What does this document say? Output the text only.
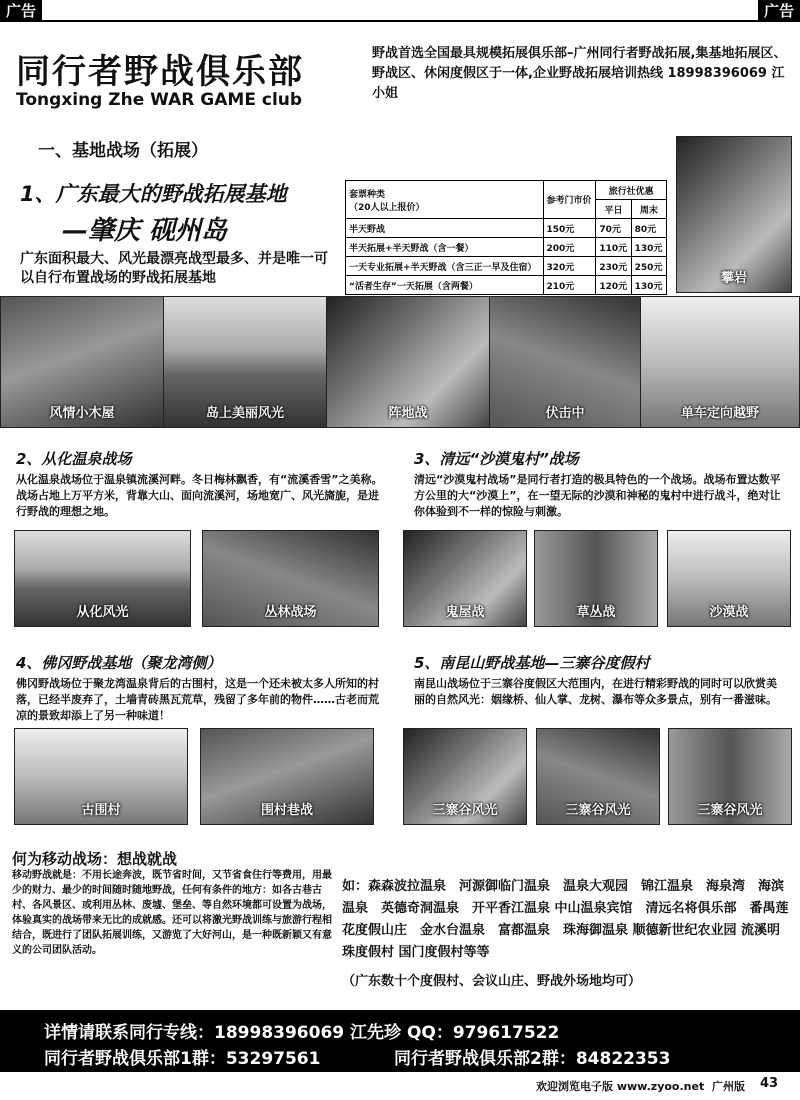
广告	广告
同行者野战俱乐部
Tongxing Zhe WAR GAME club
野战首选全国最具规模拓展俱乐部–广州同行者野战拓展,集基地拓展区、野战区、休闲度假区于一体,企业野战拓展培训热线 18998396069 江小姐
一、基地战场（拓展）
1、广东最大的野战拓展基地
—肇庆 砚州岛
广东面积最大、风光最漂亮战型最多、并是唯一可以自行布置战场的野战拓展基地
套票种类
（20人以上报价）	参考门市价	旅行社优惠	
		平日	周末
半天野战	150元	70元	80元
半天拓展+半天野战（含一餐）	200元	110元	130元
一天专业拓展+半天野战（含三正一早及住宿）	320元	230元	250元
“活者生存”一天拓展（含两餐）	210元	120元	130元
攀岩
风情小木屋	岛上美丽风光	阵地战	伏击中	单车定向越野
2、从化温泉战场
从化温泉战场位于温泉镇流溪河畔。冬日梅林飘香，有“流溪香雪”之美称。战场占地上万平方米，背靠大山、面向流溪河，场地宽广、风光旖旎，是进行野战的理想之地。
从化风光	丛林战场
3、清远“沙漠鬼村”战场
清远“沙漠鬼村战场”是同行者打造的极具特色的一个战场。战场布置达数平方公里的大“沙漠上”，在一望无际的沙漠和神秘的鬼村中进行战斗，绝对让你体验到不一样的惊险与刺激。
鬼屋战	草丛战	沙漠战
4、佛冈野战基地（聚龙湾侧）
佛冈野战场位于聚龙湾温泉背后的古围村，这是一个还未被太多人所知的村落，已经半废弃了，土墙青砖黑瓦荒草，残留了多年前的物件……古老而荒凉的景致却添上了另一种味道！
古围村	围村巷战
5、南昆山野战基地—三寨谷度假村
南昆山战场位于三寨谷度假区大范围内，在进行精彩野战的同时可以欣赏美丽的自然风光：姻缘桥、仙人掌、龙树、瀑布等众多景点，别有一番滋味。
三寨谷风光	三寨谷风光	三寨谷风光
何为移动战场：想战就战
移动野战就是：不用长途奔波，既节省时间，又节省食住行等费用，用最少的财力、最少的时间随时随地野战，任何有条件的地方：如各古巷古村、各风景区、或利用丛林、废墟、堡垒、等自然环境都可设置为战场，体验真实的战场带来无比的成就感。还可以将激光野战训练与旅游行程相结合，既进行了团队拓展训练，又游览了大好河山，是一种既新颖又有意义的公司团队活动。
如：森森波拉温泉　河源御临门温泉　温泉大观园　锦江温泉　海泉湾　海滨温泉　英德奇洞温泉　开平香江温泉 中山温泉宾馆　清远名将俱乐部　番禺莲花度假山庄　金水台温泉　富都温泉　珠海御温泉 顺德新世纪农业园 流溪明珠度假村 国门度假村等等
（广东数十个度假村、会议山庄、野战外场地均可）
详情请联系同行专线：18998396069 江先珍 QQ：979617522
同行者野战俱乐部1群：53297561	同行者野战俱乐部2群：84822353
欢迎浏览电子版 www.zyoo.net 广州版 43
